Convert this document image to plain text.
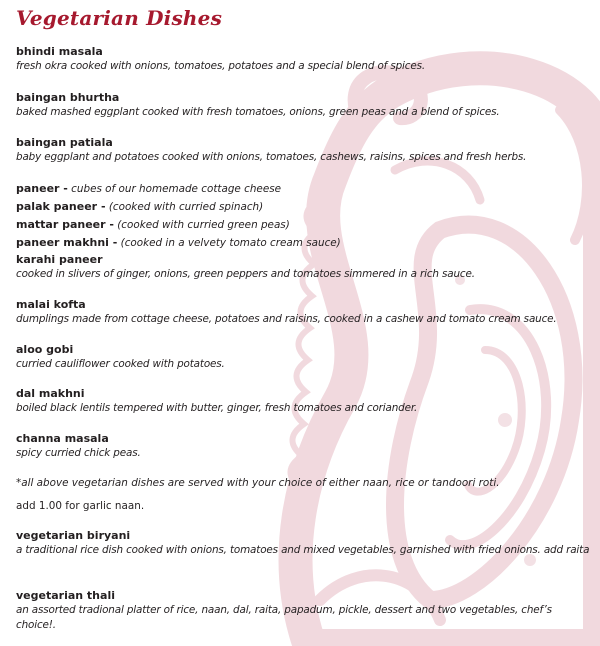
Vegetarian Dishes
bhindi masala
fresh okra cooked with onions, tomatoes, potatoes and a special blend of spices.
baingan bhurtha
baked mashed eggplant cooked with fresh tomatoes, onions, green peas and a blend of spices.
baingan patiala
baby eggplant and potatoes cooked with onions, tomatoes, cashews, raisins, spices and fresh herbs.
paneer - cubes of our homemade cottage cheese
palak paneer - (cooked with curried spinach)
mattar paneer - (cooked with curried green peas)
paneer makhni - (cooked in a velvety tomato cream sauce)
karahi paneer
cooked in slivers of ginger, onions, green peppers and tomatoes simmered in a rich sauce.
malai kofta
dumplings made from cottage cheese, potatoes and raisins, cooked in a cashew and tomato cream sauce.
aloo gobi
curried cauliflower cooked with potatoes.
dal makhni
boiled black lentils tempered with butter, ginger, fresh tomatoes and coriander.
channa masala
spicy curried chick peas.
*all above vegetarian dishes are served with your choice of either naan, rice or tandoori roti.
add 1.00 for garlic naan.
vegetarian biryani
a traditional rice dish cooked with onions, tomatoes and mixed vegetables, garnished with fried onions. add raita
vegetarian thali
an assorted tradional platter of rice, naan, dal, raita, papadum, pickle, dessert and two vegetables, chef’s choice!.
